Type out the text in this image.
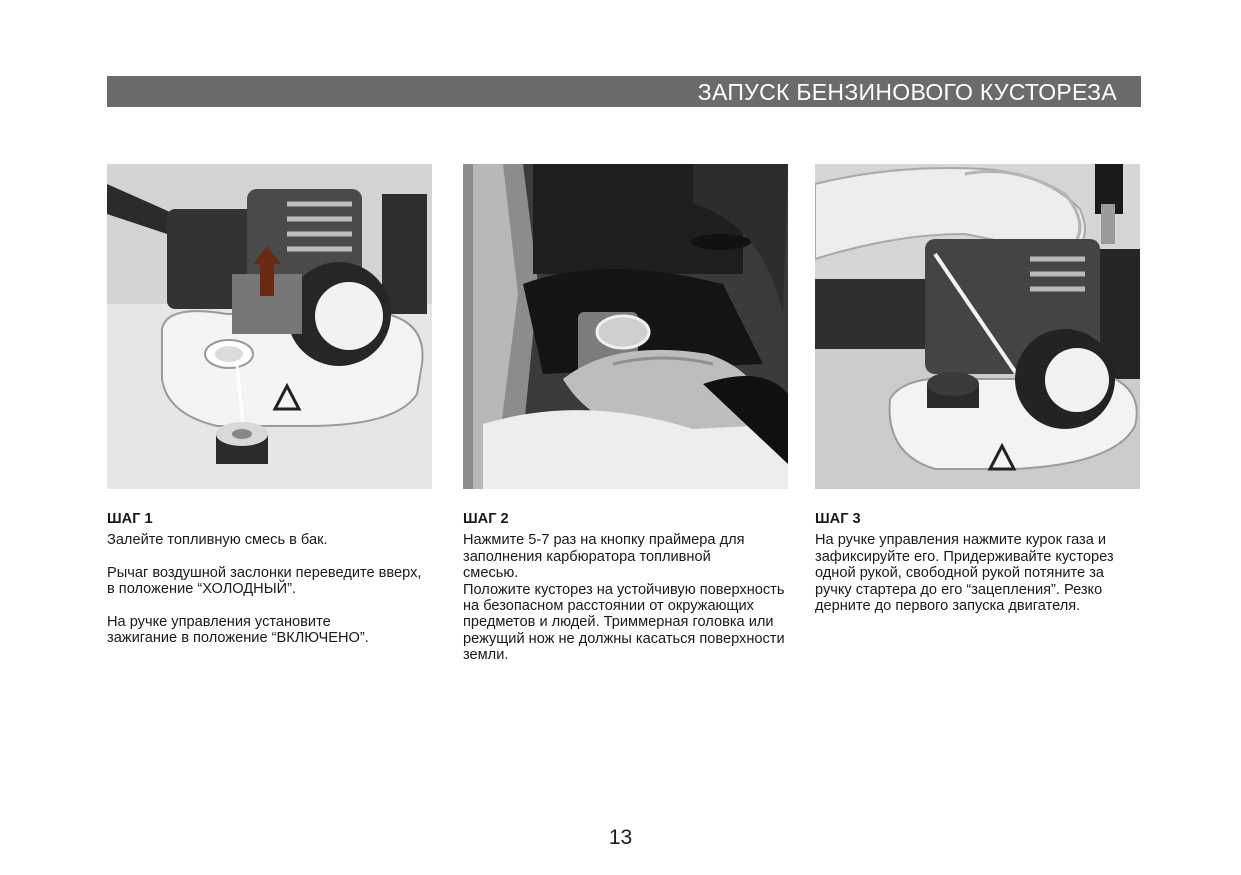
ЗАПУСК БЕНЗИНОВОГО КУСТОРЕЗА
ШАГ 1

Залейте топливную смесь в бак.

Рычаг воздушной заслонки переведите вверх, в положение “ХОЛОДНЫЙ”.

На ручке управления установите зажигание в положение “ВКЛЮЧЕНО”.

ШАГ 2

Нажмите 5-7 раз на кнопку праймера для заполнения карбюратора топливной смесью.

Положите кусторез на устойчивую поверхность на безопасном расстоянии от окружающих предметов и людей. Триммерная головка или режущий нож не должны касаться поверхности земли.

ШАГ 3

На ручке управления нажмите курок газа и зафиксируйте его. Придерживайте кусторез одной рукой, свободной рукой потяните за ручку стартера до его “зацепления”. Резко дерните до первого запуска двигателя.

13
